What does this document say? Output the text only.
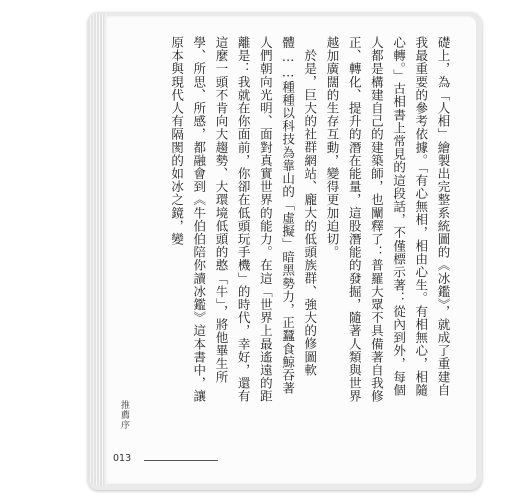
礎上，為「人相」繪製出完整系統圖的《冰鑑》，就成了重建自我最重要的參考依據。「有心無相，相由心生。有相無心，相隨心轉。」古相書上常見的這段話，不僅標示著：從內到外，每個人都是構建自己的建築師，也闡釋了：普羅大眾不具備著自我修正、轉化、提升的潛在能量，這股潛能的發掘，隨著人類與世界越加廣闊的生存互動，變得更加迫切。

於是，巨大的社群網站、龐大的低頭族群、強大的修圖軟體……種種以科技為靠山的「虛擬」暗黑勢力，正蠶食鯨吞著人們朝向光明、面對真實世界的能力。在這「世界上最遙遠的距離是：我就在你面前，你卻在低頭玩手機」的時代，幸好，還有這麼一頭不肯向大趨勢、大環境低頭的憨「牛」，將他畢生所學、所思、所感，都融會到《牛伯伯陪你讀冰鑑》這本書中，讓原本與現代人有隔閡的如冰之鏡，變

推薦序
013
